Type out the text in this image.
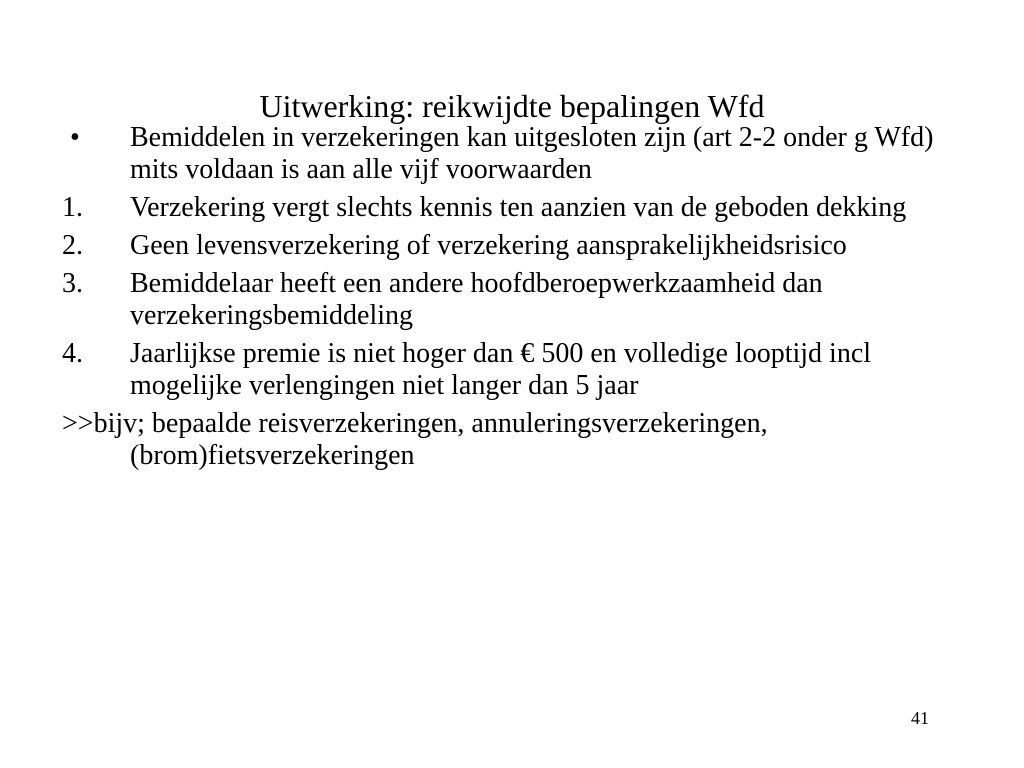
Uitwerking: reikwijdte bepalingen Wfd
• Bemiddelen in verzekeringen kan uitgesloten zijn (art 2-2 onder g Wfd) mits voldaan is aan alle vijf voorwaarden
1. Verzekering vergt slechts kennis ten aanzien van de geboden dekking
2. Geen levensverzekering of verzekering aansprakelijkheidsrisico
3. Bemiddelaar heeft een andere hoofdberoepwerkzaamheid dan verzekeringsbemiddeling
4. Jaarlijkse premie is niet hoger dan € 500 en volledige looptijd incl mogelijke verlengingen niet langer dan 5 jaar
>>bijv; bepaalde reisverzekeringen, annuleringsverzekeringen, (brom)fietsverzekeringen
41
